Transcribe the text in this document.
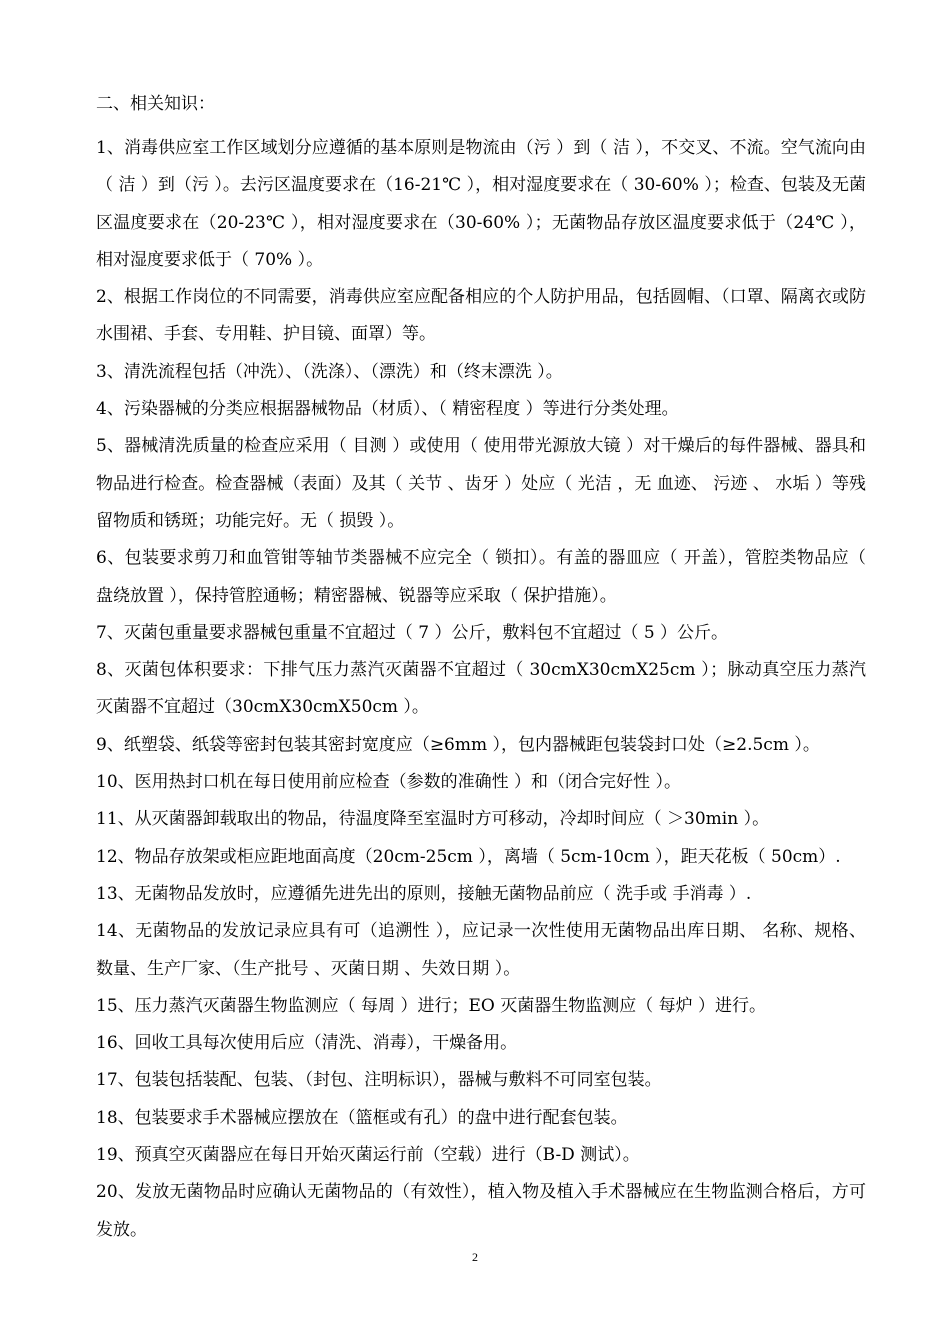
二、相关知识：

1、消毒供应室工作区域划分应遵循的基本原则是物流由（污 ）到（ 洁 ），不交叉、不流。空气流向由（ 洁 ）到（污 ）。去污区温度要求在（16-21℃ ），相对湿度要求在（ 30-60% ）；检查、包装及无菌区温度要求在（20-23℃ ），相对湿度要求在（30-60% ）；无菌物品存放区温度要求低于（24℃ ），相对湿度要求低于（ 70% ）。

2、根据工作岗位的不同需要，消毒供应室应配备相应的个人防护用品，包括圆帽、（口罩、隔离衣或防水围裙、手套、专用鞋、护目镜、面罩）等。

3、清洗流程包括（冲洗）、（洗涤）、（漂洗）和（终末漂洗 ）。

4、污染器械的分类应根据器械物品（材质）、（ 精密程度 ）等进行分类处理。

5、器械清洗质量的检查应采用（ 目测 ）或使用（ 使用带光源放大镜 ）对干燥后的每件器械、器具和物品进行检查。检查器械（表面）及其（ 关节 、齿牙 ）处应（ 光洁 ，无 血迹、 污迹 、 水垢 ）等残留物质和锈斑；功能完好。无（ 损毁 ）。

6、包装要求剪刀和血管钳等轴节类器械不应完全（ 锁扣）。有盖的器皿应（ 开盖），管腔类物品应（ 盘绕放置 ），保持管腔通畅；精密器械、锐器等应采取（ 保护措施）。

7、灭菌包重量要求器械包重量不宜超过（ 7 ）公斤，敷料包不宜超过（ 5 ）公斤。

8、灭菌包体积要求：下排气压力蒸汽灭菌器不宜超过（ 30cmX30cmX25cm ）；脉动真空压力蒸汽灭菌器不宜超过（30cmX30cmX50cm ）。

9、纸塑袋、纸袋等密封包装其密封宽度应（≥6mm ），包内器械距包装袋封口处（≥2.5cm ）。

10、医用热封口机在每日使用前应检查（参数的准确性 ）和（闭合完好性 ）。

11、从灭菌器卸载取出的物品，待温度降至室温时方可移动，冷却时间应（ ＞30min ）。

12、物品存放架或柜应距地面高度（20cm-25cm ），离墙（ 5cm-10cm ），距天花板（ 50cm）.

13、无菌物品发放时，应遵循先进先出的原则，接触无菌物品前应（ 洗手或 手消毒 ）.

14、无菌物品的发放记录应具有可（追溯性 ），应记录一次性使用无菌物品出库日期、 名称、规格、数量、生产厂家、（生产批号 、灭菌日期 、失效日期 ）。

15、压力蒸汽灭菌器生物监测应（ 每周 ）进行；EO 灭菌器生物监测应（ 每炉 ）进行。

16、回收工具每次使用后应（清洗、消毒），干燥备用。

17、包装包括装配、包装、（封包、注明标识），器械与敷料不可同室包装。

18、包装要求手术器械应摆放在（篮框或有孔）的盘中进行配套包装。

19、预真空灭菌器应在每日开始灭菌运行前（空载）进行（B-D 测试）。

20、发放无菌物品时应确认无菌物品的（有效性），植入物及植入手术器械应在生物监测合格后，方可发放。

2
